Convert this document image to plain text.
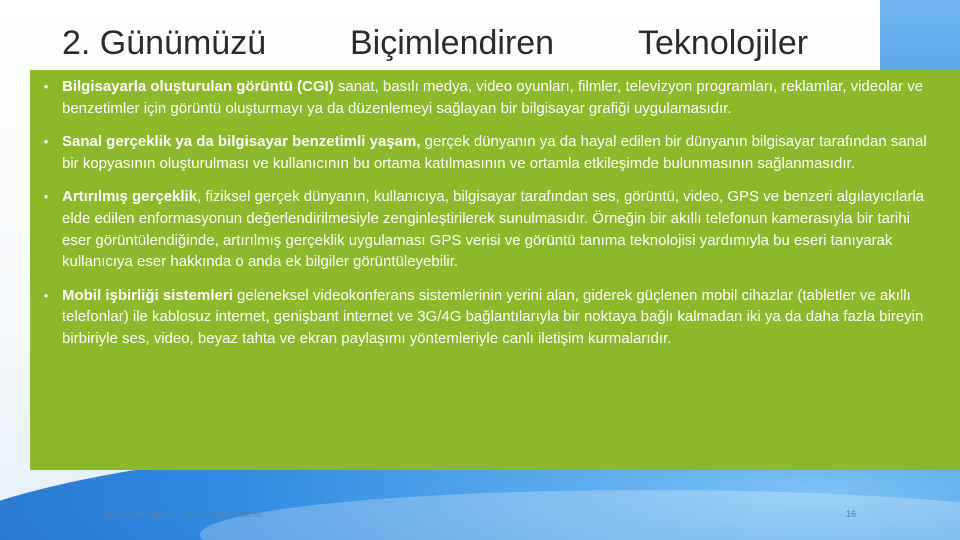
2. Günümüzü	Biçimlendiren	Teknolojiler
• Bilgisayarla oluşturulan görüntü (CGI) sanat, basılı medya, video oyunları, filmler, televizyon programları, reklamlar, videolar ve benzetimler için görüntü oluşturmayı ya da düzenlemeyi sağlayan bir bilgisayar grafiği uygulamasıdır.
• Sanal gerçeklik ya da bilgisayar benzetimli yaşam, gerçek dünyanın ya da hayal edilen bir dünyanın bilgisayar tarafından sanal bir kopyasının oluşturulması ve kullanıcının bu ortama katılmasının ve ortamla etkileşimde bulunmasının sağlanmasıdır.
• Artırılmış gerçeklik, fiziksel gerçek dünyanın, kullanıcıya, bilgisayar tarafından ses, görüntü, video, GPS ve benzeri algılayıcılarla elde edilen enformasyonun değerlendirilmesiyle zenginleştirilerek sunulmasıdır. Örneğin bir akıllı telefonun kamerasıyla bir tarihi eser görüntülendiğinde, artırılmış gerçeklik uygulaması GPS verisi ve görüntü tanıma teknolojisi yardımıyla bu eseri tanıyarak kullanıcıya eser hakkında o anda ek bilgiler görüntüleyebilir.
• Mobil işbirliği sistemleri geleneksel videokonferans sistemlerinin yerini alan, giderek güçlenen mobil cihazlar (tabletler ve akıllı telefonlar) ile kablosuz internet, genişbant internet ve 3G/4G bağlantılarıyla bir noktaya bağlı kalmadan iki ya da daha fazla bireyin birbiriyle ses, video, beyaz tahta ve ekran paylaşımı yöntemleriyle canlı iletişim kurmalarıdır.
ÖĞR. GÖR. NIMET ÖZGÜL ÜNSAL KÖSE	16
